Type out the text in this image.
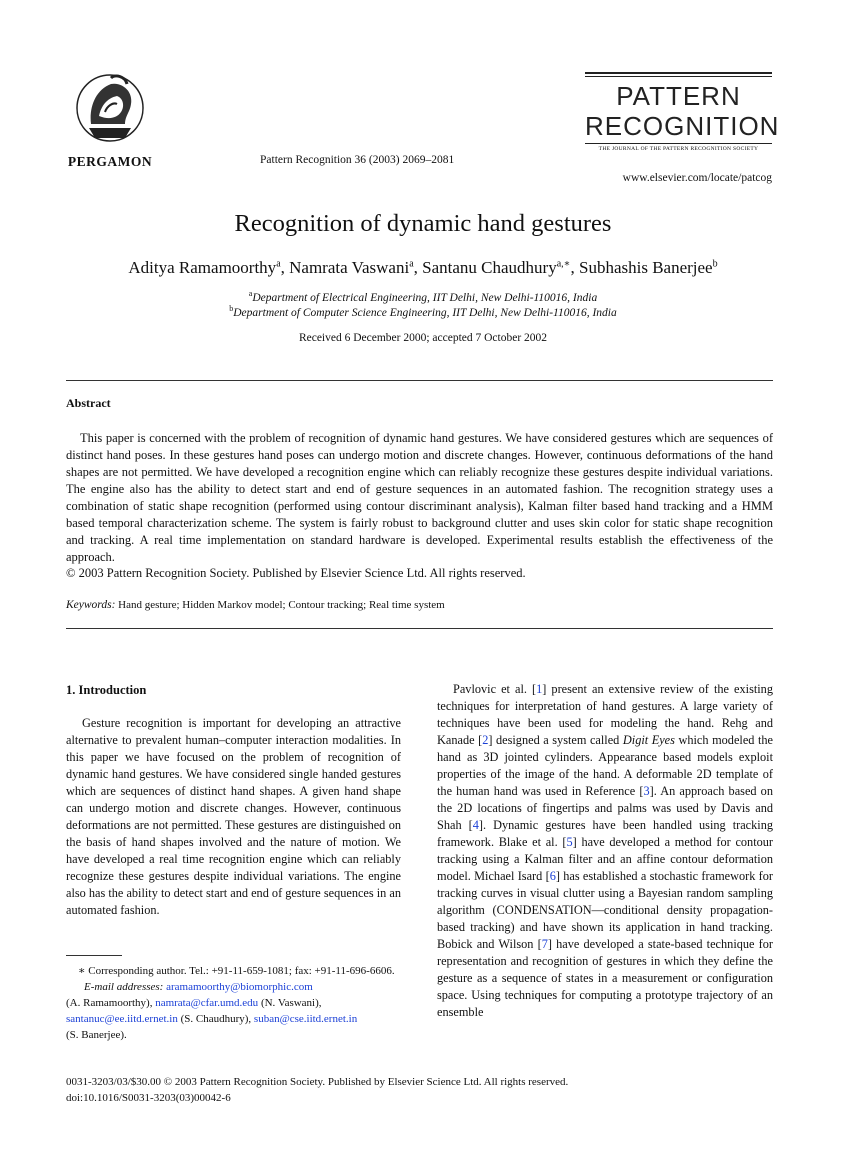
PERGAMON	Pattern Recognition 36 (2003) 2069–2081
PATTERN
RECOGNITION
THE JOURNAL OF THE PATTERN RECOGNITION SOCIETY
www.elsevier.com/locate/patcog
Recognition of dynamic hand gestures
Aditya Ramamoorthy$^a$, Namrata Vaswani$^a$, Santanu Chaudhury$^{a,∗}$, Subhashis Banerjee$^b$
$^a$Department of Electrical Engineering, IIT Delhi, New Delhi-110016, India
$^b$Department of Computer Science Engineering, IIT Delhi, New Delhi-110016, India
Received 6 December 2000; accepted 7 October 2002
Abstract
This paper is concerned with the problem of recognition of dynamic hand gestures. We have considered gestures which are sequences of distinct hand poses. In these gestures hand poses can undergo motion and discrete changes. However, continuous deformations of the hand shapes are not permitted. We have developed a recognition engine which can reliably recognize these gestures despite individual variations. The engine also has the ability to detect start and end of gesture sequences in an automated fashion. The recognition strategy uses a combination of static shape recognition (performed using contour discriminant analysis), Kalman filter based hand tracking and a HMM based temporal characterization scheme. The system is fairly robust to background clutter and uses skin color for static shape recognition and tracking. A real time implementation on standard hardware is developed. Experimental results establish the effectiveness of the approach.
© 2003 Pattern Recognition Society. Published by Elsevier Science Ltd. All rights reserved.
Keywords: Hand gesture; Hidden Markov model; Contour tracking; Real time system
1. Introduction
Gesture recognition is important for developing an attractive alternative to prevalent human–computer interaction modalities. In this paper we have focused on the problem of recognition of dynamic hand gestures. We have considered single handed gestures which are sequences of distinct hand shapes. A given hand shape can undergo motion and discrete changes. However, continuous deformations are not permitted. These gestures are distinguished on the basis of hand shapes involved and the nature of motion. We have developed a real time recognition engine which can reliably recognize these gestures despite individual variations. The engine also has the ability to detect start and end of gesture sequences in an automated fashion.
∗ Corresponding author. Tel.: +91-11-659-1081; fax: +91-11-696-6606.
E-mail addresses: aramamoorthy@biomorphic.com
(A. Ramamoorthy), namrata@cfar.umd.edu (N. Vaswani),
santanuc@ee.iitd.ernet.in (S. Chaudhury), suban@cse.iitd.ernet.in
(S. Banerjee).
Pavlovic et al. [1] present an extensive review of the existing techniques for interpretation of hand gestures. A large variety of techniques have been used for modeling the hand. Rehg and Kanade [2] designed a system called Digit Eyes which modeled the hand as 3D jointed cylinders. Appearance based models exploit properties of the image of the hand. A deformable 2D template of the human hand was used in Reference [3]. An approach based on the 2D locations of fingertips and palms was used by Davis and Shah [4]. Dynamic gestures have been handled using tracking framework. Blake et al. [5] have developed a method for contour tracking using a Kalman filter and an affine contour deformation model. Michael Isard [6] has established a stochastic framework for tracking curves in visual clutter using a Bayesian random sampling algorithm (CONDENSATION—conditional density propagation-based tracking) and have shown its application in hand tracking. Bobick and Wilson [7] have developed a state-based technique for representation and recognition of gestures in which they define the gesture as a sequence of states in a measurement or configuration space. Using techniques for computing a prototype trajectory of an ensemble
0031-3203/03/$30.00 © 2003 Pattern Recognition Society. Published by Elsevier Science Ltd. All rights reserved.
doi:10.1016/S0031-3203(03)00042-6
